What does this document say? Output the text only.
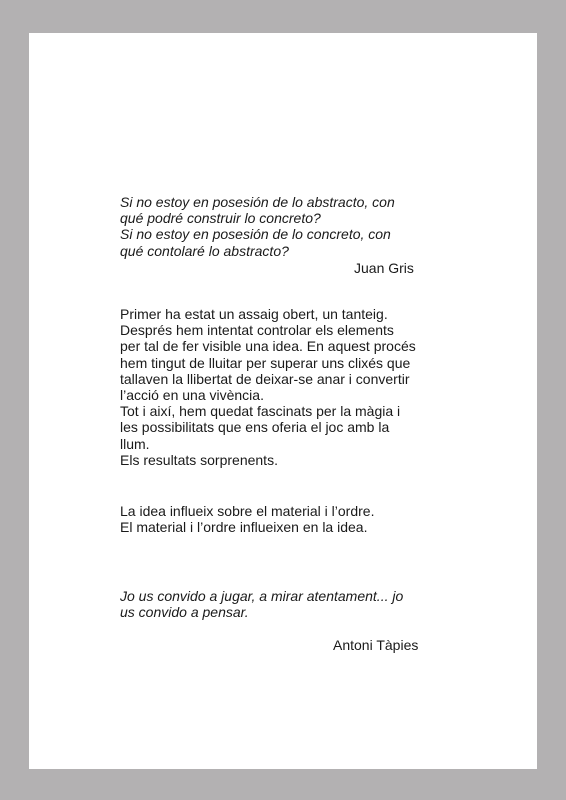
Si no estoy en posesión de lo abstracto, con
qué podré construir lo concreto?
Si no estoy en posesión de lo concreto, con
qué contolaré lo abstracto?
Juan Gris
Primer ha estat un assaig obert, un tanteig.
Després hem intentat controlar els elements
per tal de fer visible una idea. En aquest procés
hem tingut de lluitar per superar uns clixés que
tallaven la llibertat de deixar-se anar i convertir
l’acció en una vivència.
Tot i així, hem quedat fascinats per la màgia i
les possibilitats que ens oferia el joc amb la
llum.
Els resultats sorprenents.
La idea influeix sobre el material i l’ordre.
El material i l’ordre influeixen en la idea.
Jo us convido a jugar, a mirar atentament... jo
us convido a pensar.
Antoni Tàpies
